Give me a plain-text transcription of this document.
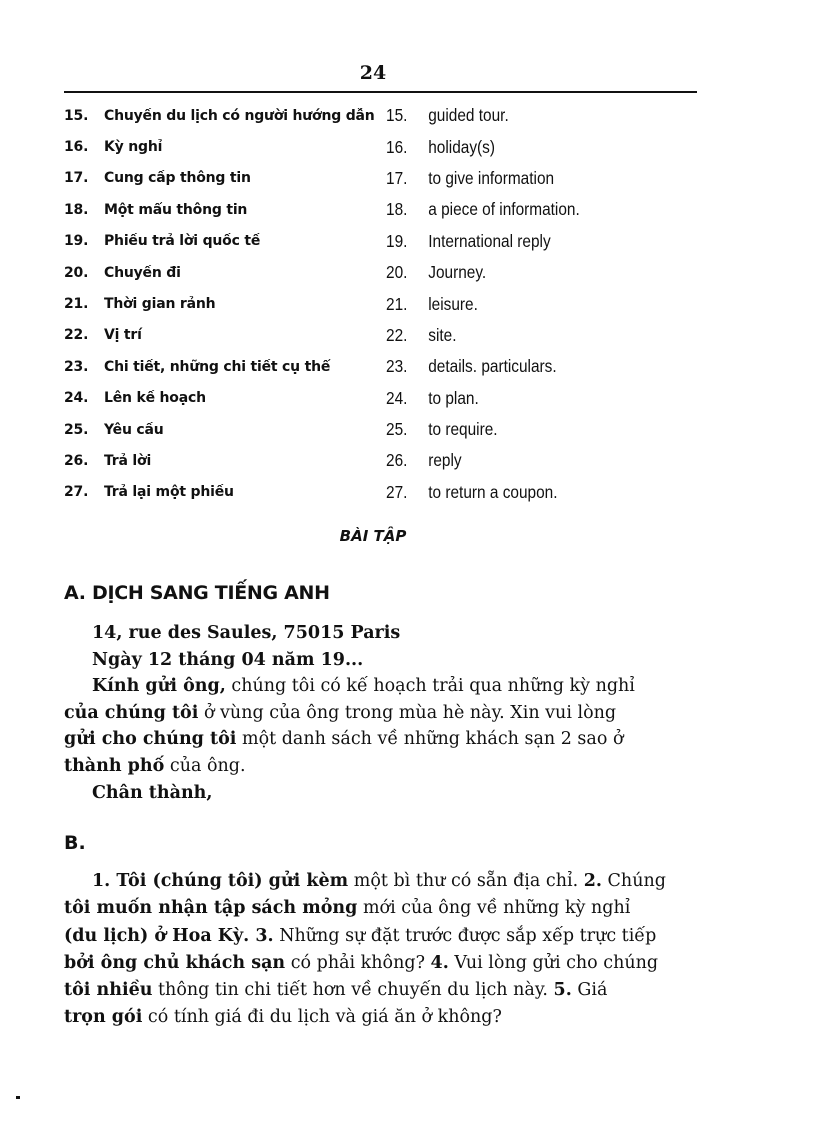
24
15.	Chuyến du lịch có người hướng dẫn 15.	guided tour.
16.	Kỳ nghỉ	16.	holiday(s)
17.	Cung cấp thông tin	17.	to give information
18.	Một mẩu thông tin	18.	a piece of information.
19.	Phiếu trả lời quốc tế	19.	International reply
20.	Chuyến đi	20.	Journey.
21.	Thời gian rảnh	21.	leisure.
22.	Vị trí	22.	site.
23.	Chi tiết, những chi tiết cụ thể	23.	details. particulars.
24.	Lên kế hoạch	24.	to plan.
25.	Yêu cầu	25.	to require.
26.	Trả lời	26.	reply
27.	Trả lại một phiếu	27.	to return a coupon.
BÀI TẬP
A. DỊCH SANG TIẾNG ANH
14, rue des Saules, 75015 Paris
Ngày 12 tháng 04 năm 19...
Kính gửi ông, chúng tôi có kế hoạch trải qua những kỳ nghỉ
của chúng tôi ở vùng của ông trong mùa hè này. Xin vui lòng
gửi cho chúng tôi một danh sách về những khách sạn 2 sao ở
thành phố của ông.
Chân thành,
B.
1. Tôi (chúng tôi) gửi kèm một bì thư có sẵn địa chỉ. 2. Chúng
tôi muốn nhận tập sách mỏng mới của ông về những kỳ nghỉ
(du lịch) ở Hoa Kỳ. 3. Những sự đặt trước được sắp xếp trực tiếp
bởi ông chủ khách sạn có phải không? 4. Vui lòng gửi cho chúng
tôi nhiều thông tin chi tiết hơn về chuyến du lịch này. 5. Giá
trọn gói có tính giá đi du lịch và giá ăn ở không?
